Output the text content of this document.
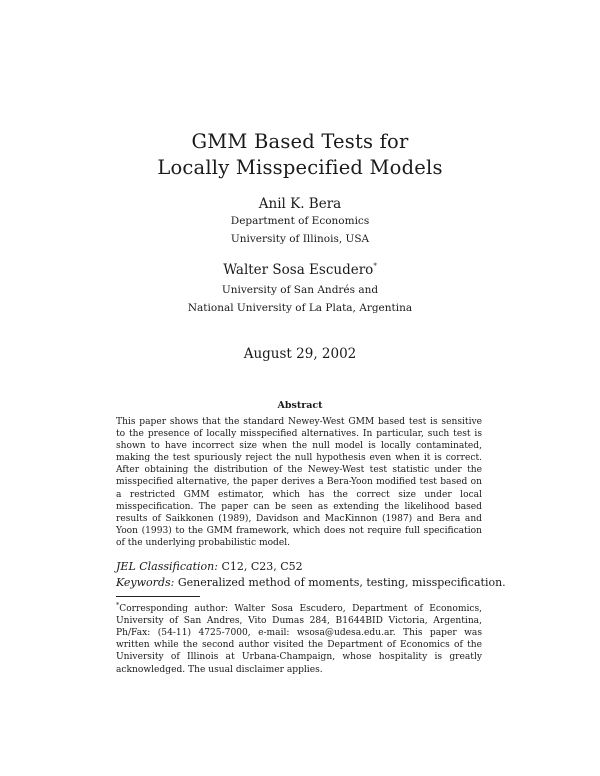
GMM Based Tests for
Locally Misspecified Models
Anil K. Bera
Department of Economics
University of Illinois, USA
Walter Sosa Escudero*
University of San Andrés and
National University of La Plata, Argentina
August 29, 2002
Abstract
This paper shows that the standard Newey-West GMM based test is sensitive to the presence of locally misspecified alternatives. In particular, such test is shown to have incorrect size when the null model is locally contaminated, making the test spuriously reject the null hypothesis even when it is correct. After obtaining the distribution of the Newey-West test statistic under the misspecified alternative, the paper derives a Bera-Yoon modified test based on a restricted GMM estimator, which has the correct size under local misspecification. The paper can be seen as extending the likelihood based results of Saikkonen (1989), Davidson and MacKinnon (1987) and Bera and Yoon (1993) to the GMM framework, which does not require full specification of the underlying probabilistic model.
JEL Classification: C12, C23, C52
Keywords: Generalized method of moments, testing, misspecification.
*Corresponding author: Walter Sosa Escudero, Department of Economics, University of San Andres, Vito Dumas 284, B1644BID Victoria, Argentina, Ph/Fax: (54-11) 4725-7000, e-mail: wsosa@udesa.edu.ar. This paper was written while the second author visited the Department of Economics of the University of Illinois at Urbana-Champaign, whose hospitality is greatly acknowledged. The usual disclaimer applies.
